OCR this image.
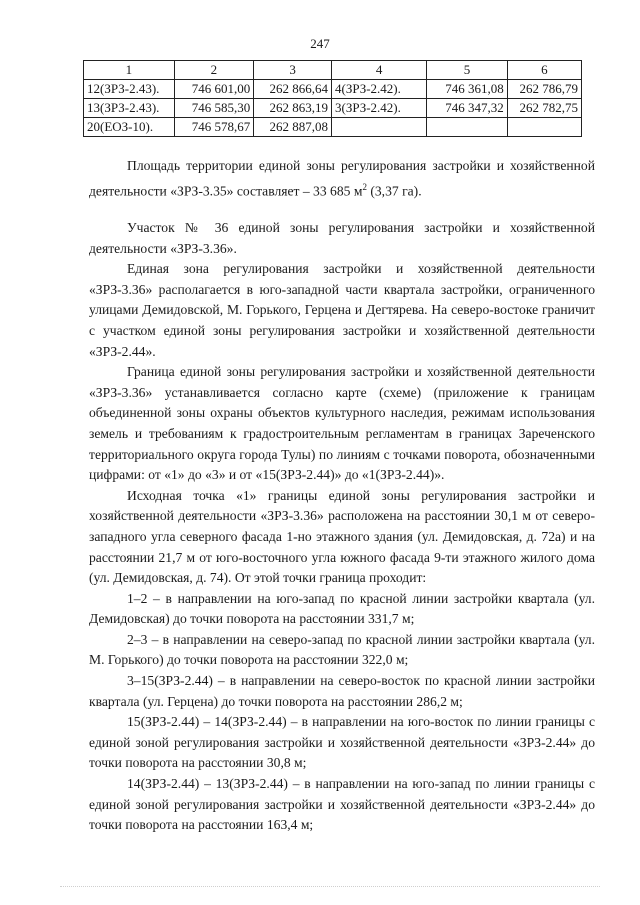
247
1	2	3	4	5	6
12(ЗРЗ-2.43).	746 601,00	262 866,64	4(ЗРЗ-2.42).	746 361,08	262 786,79
13(ЗРЗ-2.43).	746 585,30	262 863,19	3(ЗРЗ-2.42).	746 347,32	262 782,75
20(ЕОЗ-10).	746 578,67	262 887,08			

Площадь территории единой зоны регулирования застройки и хозяйственной деятельности «ЗРЗ-3.35» составляет – 33 685 $м^2$ (3,37 га).

Участок № 36 единой зоны регулирования застройки и хозяйственной деятельности «ЗРЗ-3.36».

Единая зона регулирования застройки и хозяйственной деятельности «ЗРЗ-3.36» располагается в юго-западной части квартала застройки, ограниченного улицами Демидовской, М. Горького, Герцена и Дегтярева. На северо-востоке граничит с участком единой зоны регулирования застройки и хозяйственной деятельности «ЗРЗ-2.44».

Граница единой зоны регулирования застройки и хозяйственной деятельности «ЗРЗ-3.36» устанавливается согласно карте (схеме) (приложение к границам объединенной зоны охраны объектов культурного наследия, режимам использования земель и требованиям к градостроительным регламентам в границах Зареченского территориального округа города Тулы) по линиям с точками поворота, обозначенными цифрами: от «1» до «3» и от «15(ЗРЗ-2.44)» до «1(ЗРЗ-2.44)».

Исходная точка «1» границы единой зоны регулирования застройки и хозяйственной деятельности «ЗРЗ-3.36» расположена на расстоянии 30,1 м от северо-западного угла северного фасада 1-но этажного здания (ул. Демидовская, д. 72а) и на расстоянии 21,7 м от юго-восточного угла южного фасада 9-ти этажного жилого дома (ул. Демидовская, д. 74). От этой точки граница проходит:

1–2 – в направлении на юго-запад по красной линии застройки квартала (ул. Демидовская) до точки поворота на расстоянии 331,7 м;

2–3 – в направлении на северо-запад по красной линии застройки квартала (ул. М. Горького) до точки поворота на расстоянии 322,0 м;

3–15(ЗРЗ-2.44) – в направлении на северо-восток по красной линии застройки квартала (ул. Герцена) до точки поворота на расстоянии 286,2 м;

15(ЗРЗ-2.44) – 14(ЗРЗ-2.44) – в направлении на юго-восток по линии границы с единой зоной регулирования застройки и хозяйственной деятельности «ЗРЗ-2.44» до точки поворота на расстоянии 30,8 м;

14(ЗРЗ-2.44) – 13(ЗРЗ-2.44) – в направлении на юго-запад по линии границы с единой зоной регулирования застройки и хозяйственной деятельности «ЗРЗ-2.44» до точки поворота на расстоянии 163,4 м;
